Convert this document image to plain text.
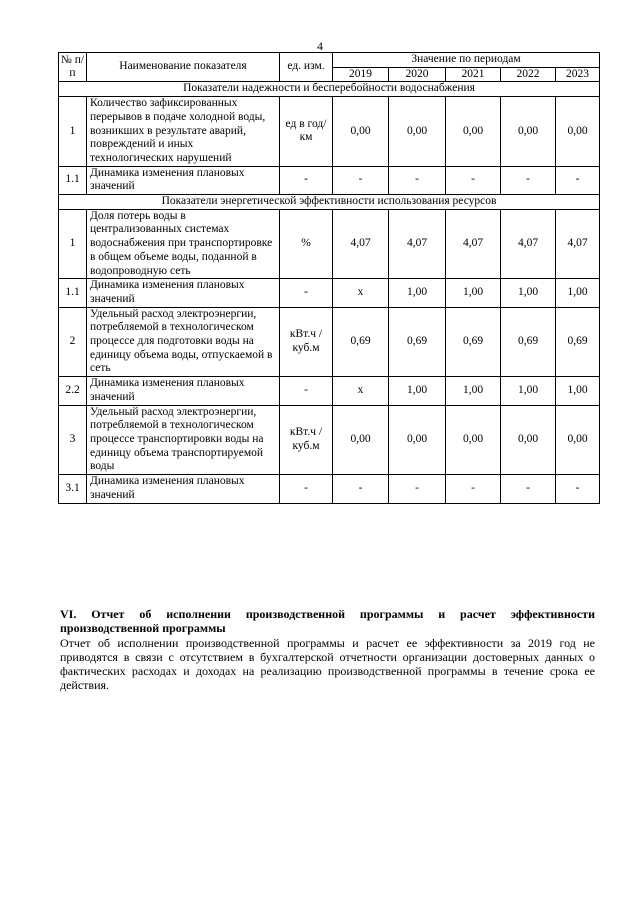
4
№ п/п	Наименование показателя	ед. изм.	Значение по периодам				
			2019	2020	2021	2022	2023
Показатели надежности и бесперебойности водоснабжения							
1	Количество зафиксированных перерывов в подаче холодной воды, возникших в результате аварий, повреждений и иных технологических нарушений	ед в год/ км	0,00	0,00	0,00	0,00	0,00
1.1	Динамика изменения плановых значений	-	-	-	-	-	-
Показатели энергетической эффективности использования ресурсов							
1	Доля потерь воды в централизованных системах водоснабжения при транспортировке в общем объеме воды, поданной в водопроводную сеть	%	4,07	4,07	4,07	4,07	4,07
1.1	Динамика изменения плановых значений	-	х	1,00	1,00	1,00	1,00
2	Удельный расход электроэнергии, потребляемой в технологическом процессе для подготовки воды на единицу объема воды, отпускаемой в сеть	кВт.ч / куб.м	0,69	0,69	0,69	0,69	0,69
2.2	Динамика изменения плановых значений	-	х	1,00	1,00	1,00	1,00
3	Удельный расход электроэнергии, потребляемой в технологическом процессе транспортировки воды на единицу объема транспортируемой воды	кВт.ч / куб.м	0,00	0,00	0,00	0,00	0,00
3.1	Динамика изменения плановых значений	-	-	-	-	-	-

VI. Отчет об исполнении производственной программы и расчет эффективности производственной программы

Отчет об исполнении производственной программы и расчет ее эффективности за 2019 год не приводятся в связи с отсутствием в бухгалтерской отчетности организации достоверных данных о фактических расходах и доходах на реализацию производственной программы в течение срока ее действия.
